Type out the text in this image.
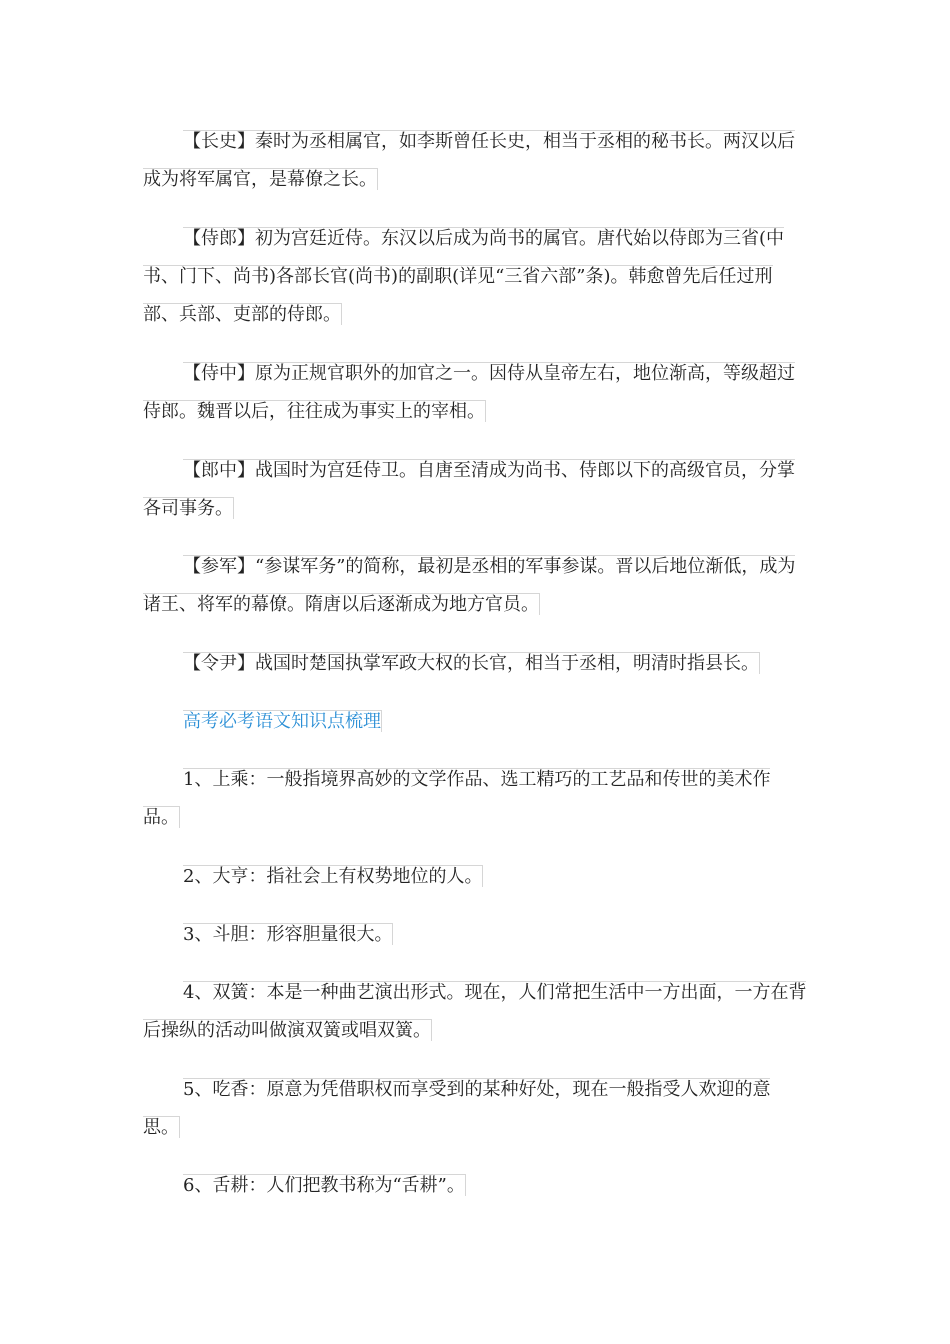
【长史】秦时为丞相属官，如李斯曾任长史，相当于丞相的秘书长。两汉以后成为将军属官，是幕僚之长。

【侍郎】初为宫廷近侍。东汉以后成为尚书的属官。唐代始以侍郎为三省(中书、门下、尚书)各部长官(尚书)的副职(详见“三省六部”条)。韩愈曾先后任过刑部、兵部、吏部的侍郎。

【侍中】原为正规官职外的加官之一。因侍从皇帝左右，地位渐高，等级超过侍郎。魏晋以后，往往成为事实上的宰相。

【郎中】战国时为宫廷侍卫。自唐至清成为尚书、侍郎以下的高级官员，分掌各司事务。

【参军】“参谋军务”的简称，最初是丞相的军事参谋。晋以后地位渐低，成为诸王、将军的幕僚。隋唐以后逐渐成为地方官员。

【令尹】战国时楚国执掌军政大权的长官，相当于丞相，明清时指县长。

高考必考语文知识点梳理

1、上乘：一般指境界高妙的文学作品、选工精巧的工艺品和传世的美术作品。

2、大亨：指社会上有权势地位的人。

3、斗胆：形容胆量很大。

4、双簧：本是一种曲艺演出形式。现在，人们常把生活中一方出面，一方在背后操纵的活动叫做演双簧或唱双簧。

5、吃香：原意为凭借职权而享受到的某种好处，现在一般指受人欢迎的意思。

6、舌耕：人们把教书称为“舌耕”。
